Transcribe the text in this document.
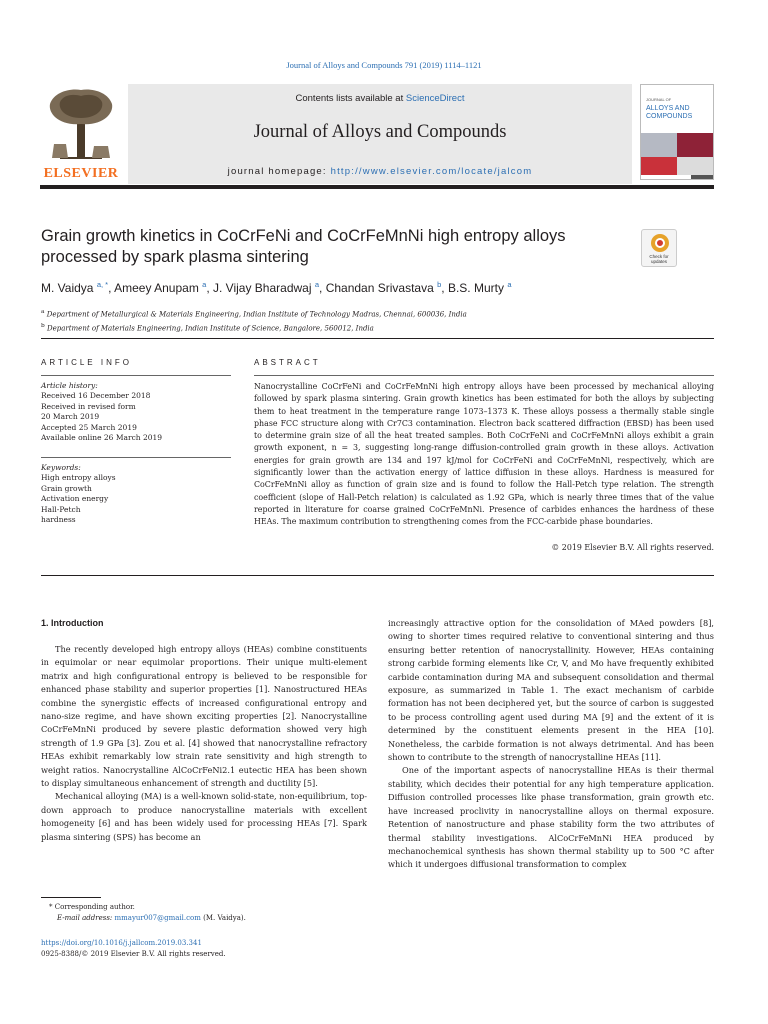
Journal of Alloys and Compounds 791 (2019) 1114–1121
ELSEVIER
Contents lists available at ScienceDirect
Journal of Alloys and Compounds
journal homepage: http://www.elsevier.com/locate/jalcom
JOURNAL OF
ALLOYS AND COMPOUNDS
Grain growth kinetics in CoCrFeNi and CoCrFeMnNi high entropy alloys processed by spark plasma sintering	Check for updates
M. Vaidya $^{a, *}$, Ameey Anupam $^a$, J. Vijay Bharadwaj $^a$, Chandan Srivastava $^b$, B.S. Murty $^a$
$^a$ Department of Metallurgical & Materials Engineering, Indian Institute of Technology Madras, Chennai, 600036, India
$^b$ Department of Materials Engineering, Indian Institute of Science, Bangalore, 560012, India
ARTICLE INFO	ABSTRACT
Article history:
Received 16 December 2018
Received in revised form
20 March 2019
Accepted 25 March 2019
Available online 26 March 2019
Keywords:
High entropy alloys
Grain growth
Activation energy
Hall-Petch
hardness
Nanocrystalline CoCrFeNi and CoCrFeMnNi high entropy alloys have been processed by mechanical alloying followed by spark plasma sintering. Grain growth kinetics has been estimated for both the alloys by subjecting them to heat treatment in the temperature range 1073–1373 K. These alloys possess a thermally stable single phase FCC structure along with Cr7C3 contamination. Electron back scattered diffraction (EBSD) has been used to determine grain size of all the heat treated samples. Both CoCrFeNi and CoCrFeMnNi alloys exhibit a grain growth exponent, n = 3, suggesting long-range diffusion-controlled grain growth in these alloys. Activation energies for grain growth are 134 and 197 kJ/mol for CoCrFeNi and CoCrFeMnNi, respectively, which are significantly lower than the activation energy of lattice diffusion in these alloys. Hardness is measured for CoCrFeMnNi alloy as function of grain size and is found to follow the Hall-Petch type relation. The strength coefficient (slope of Hall-Petch relation) is calculated as 1.92 GPa, which is nearly three times that of the value reported in literature for coarse grained CoCrFeMnNi. Presence of carbides enhances the hardness of these HEAs. The maximum contribution to strengthening comes from the FCC-carbide phase boundaries.
© 2019 Elsevier B.V. All rights reserved.
1. Introduction

The recently developed high entropy alloys (HEAs) combine constituents in equimolar or near equimolar proportions. Their unique multi-element matrix and high configurational entropy is believed to be responsible for enhanced phase stability and superior properties [1]. Nanostructured HEAs combine the synergistic effects of increased configurational entropy and nano-size regime, and have shown exciting properties [2]. Nanocrystalline CoCrFeMnNi produced by severe plastic deformation showed very high strength of 1.9 GPa [3]. Zou et al. [4] showed that nanocrystalline refractory HEAs exhibit remarkably low strain rate sensitivity and high strength to weight ratios. Nanocrystalline AlCoCrFeNi2.1 eutectic HEA has been shown to display simultaneous enhancement of strength and ductility [5].

Mechanical alloying (MA) is a well-known solid-state, non-equilibrium, top-down approach to produce nanocrystalline materials with excellent homogeneity [6] and has been widely used for processing HEAs [7]. Spark plasma sintering (SPS) has become an

increasingly attractive option for the consolidation of MAed powders [8], owing to shorter times required relative to conventional sintering and thus ensuring better retention of nanocrystallinity. However, HEAs containing strong carbide forming elements like Cr, V, and Mo have frequently exhibited carbide contamination during MA and subsequent consolidation and thermal exposure, as summarized in Table 1. The exact mechanism of carbide formation has not been deciphered yet, but the source of carbon is suggested to be process controlling agent used during MA [9] and the extent of it is determined by the constituent elements present in the HEA [10]. Nonetheless, the carbide formation is not always detrimental. And has been shown to contribute to the strength of nanocrystalline HEAs [11].

One of the important aspects of nanocrystalline HEAs is their thermal stability, which decides their potential for any high temperature application. Diffusion controlled processes like phase transformation, grain growth etc. have increased proclivity in nanocrystalline alloys on thermal exposure. Retention of nanostructure and phase stability form the two attributes of thermal stability investigations. AlCoCrFeMnNi HEA produced by mechanochemical synthesis has shown thermal stability up to 500 °C after which it undergoes diffusional transformation to complex

* Corresponding author.
E-mail address: mmayur007@gmail.com (M. Vaidya).
https://doi.org/10.1016/j.jallcom.2019.03.341
0925-8388/© 2019 Elsevier B.V. All rights reserved.
